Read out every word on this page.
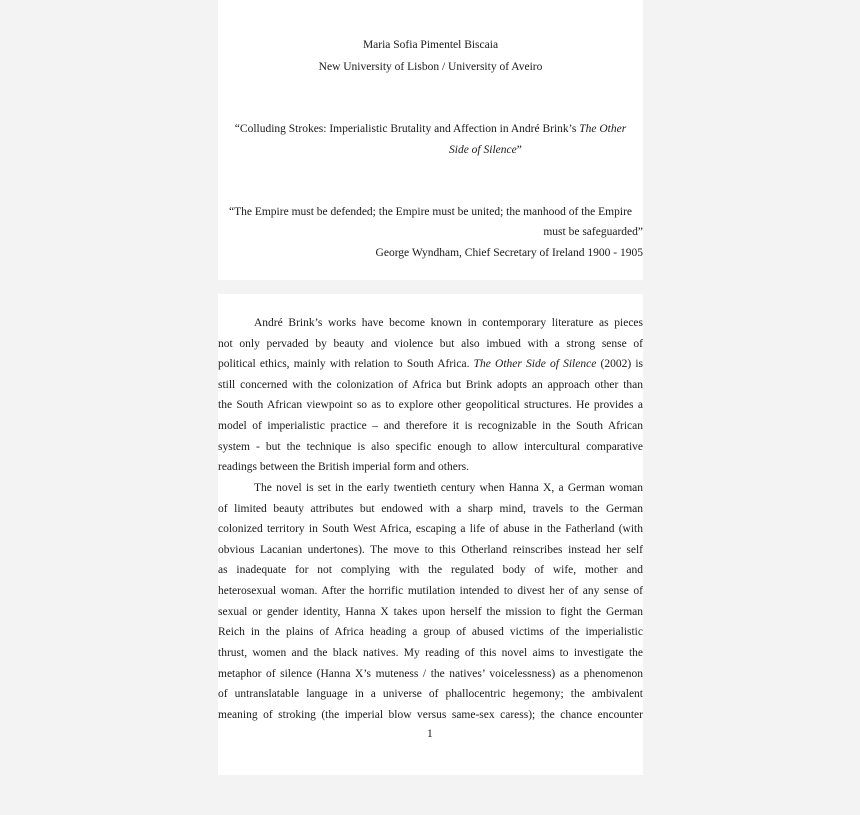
Maria Sofia Pimentel Biscaia
New University of Lisbon / University of Aveiro
“Colluding Strokes: Imperialistic Brutality and Affection in André Brink’s The Other
Side of Silence”
“The Empire must be defended; the Empire must be united; the manhood of the Empire
must be safeguarded”
George Wyndham, Chief Secretary of Ireland 1900 - 1905
André Brink’s works have become known in contemporary literature as pieces
not only pervaded by beauty and violence but also imbued with a strong sense of
political ethics, mainly with relation to South Africa. The Other Side of Silence (2002) is
still concerned with the colonization of Africa but Brink adopts an approach other than
the South African viewpoint so as to explore other geopolitical structures. He provides a
model of imperialistic practice – and therefore it is recognizable in the South African
system - but the technique is also specific enough to allow intercultural comparative
readings between the British imperial form and others.
The novel is set in the early twentieth century when Hanna X, a German woman
of limited beauty attributes but endowed with a sharp mind, travels to the German
colonized territory in South West Africa, escaping a life of abuse in the Fatherland (with
obvious Lacanian undertones). The move to this Otherland reinscribes instead her self
as inadequate for not complying with the regulated body of wife, mother and
heterosexual woman. After the horrific mutilation intended to divest her of any sense of
sexual or gender identity, Hanna X takes upon herself the mission to fight the German
Reich in the plains of Africa heading a group of abused victims of the imperialistic
thrust, women and the black natives. My reading of this novel aims to investigate the
metaphor of silence (Hanna X’s muteness / the natives’ voicelessness) as a phenomenon
of untranslatable language in a universe of phallocentric hegemony; the ambivalent
meaning of stroking (the imperial blow versus same-sex caress); the chance encounter
1
